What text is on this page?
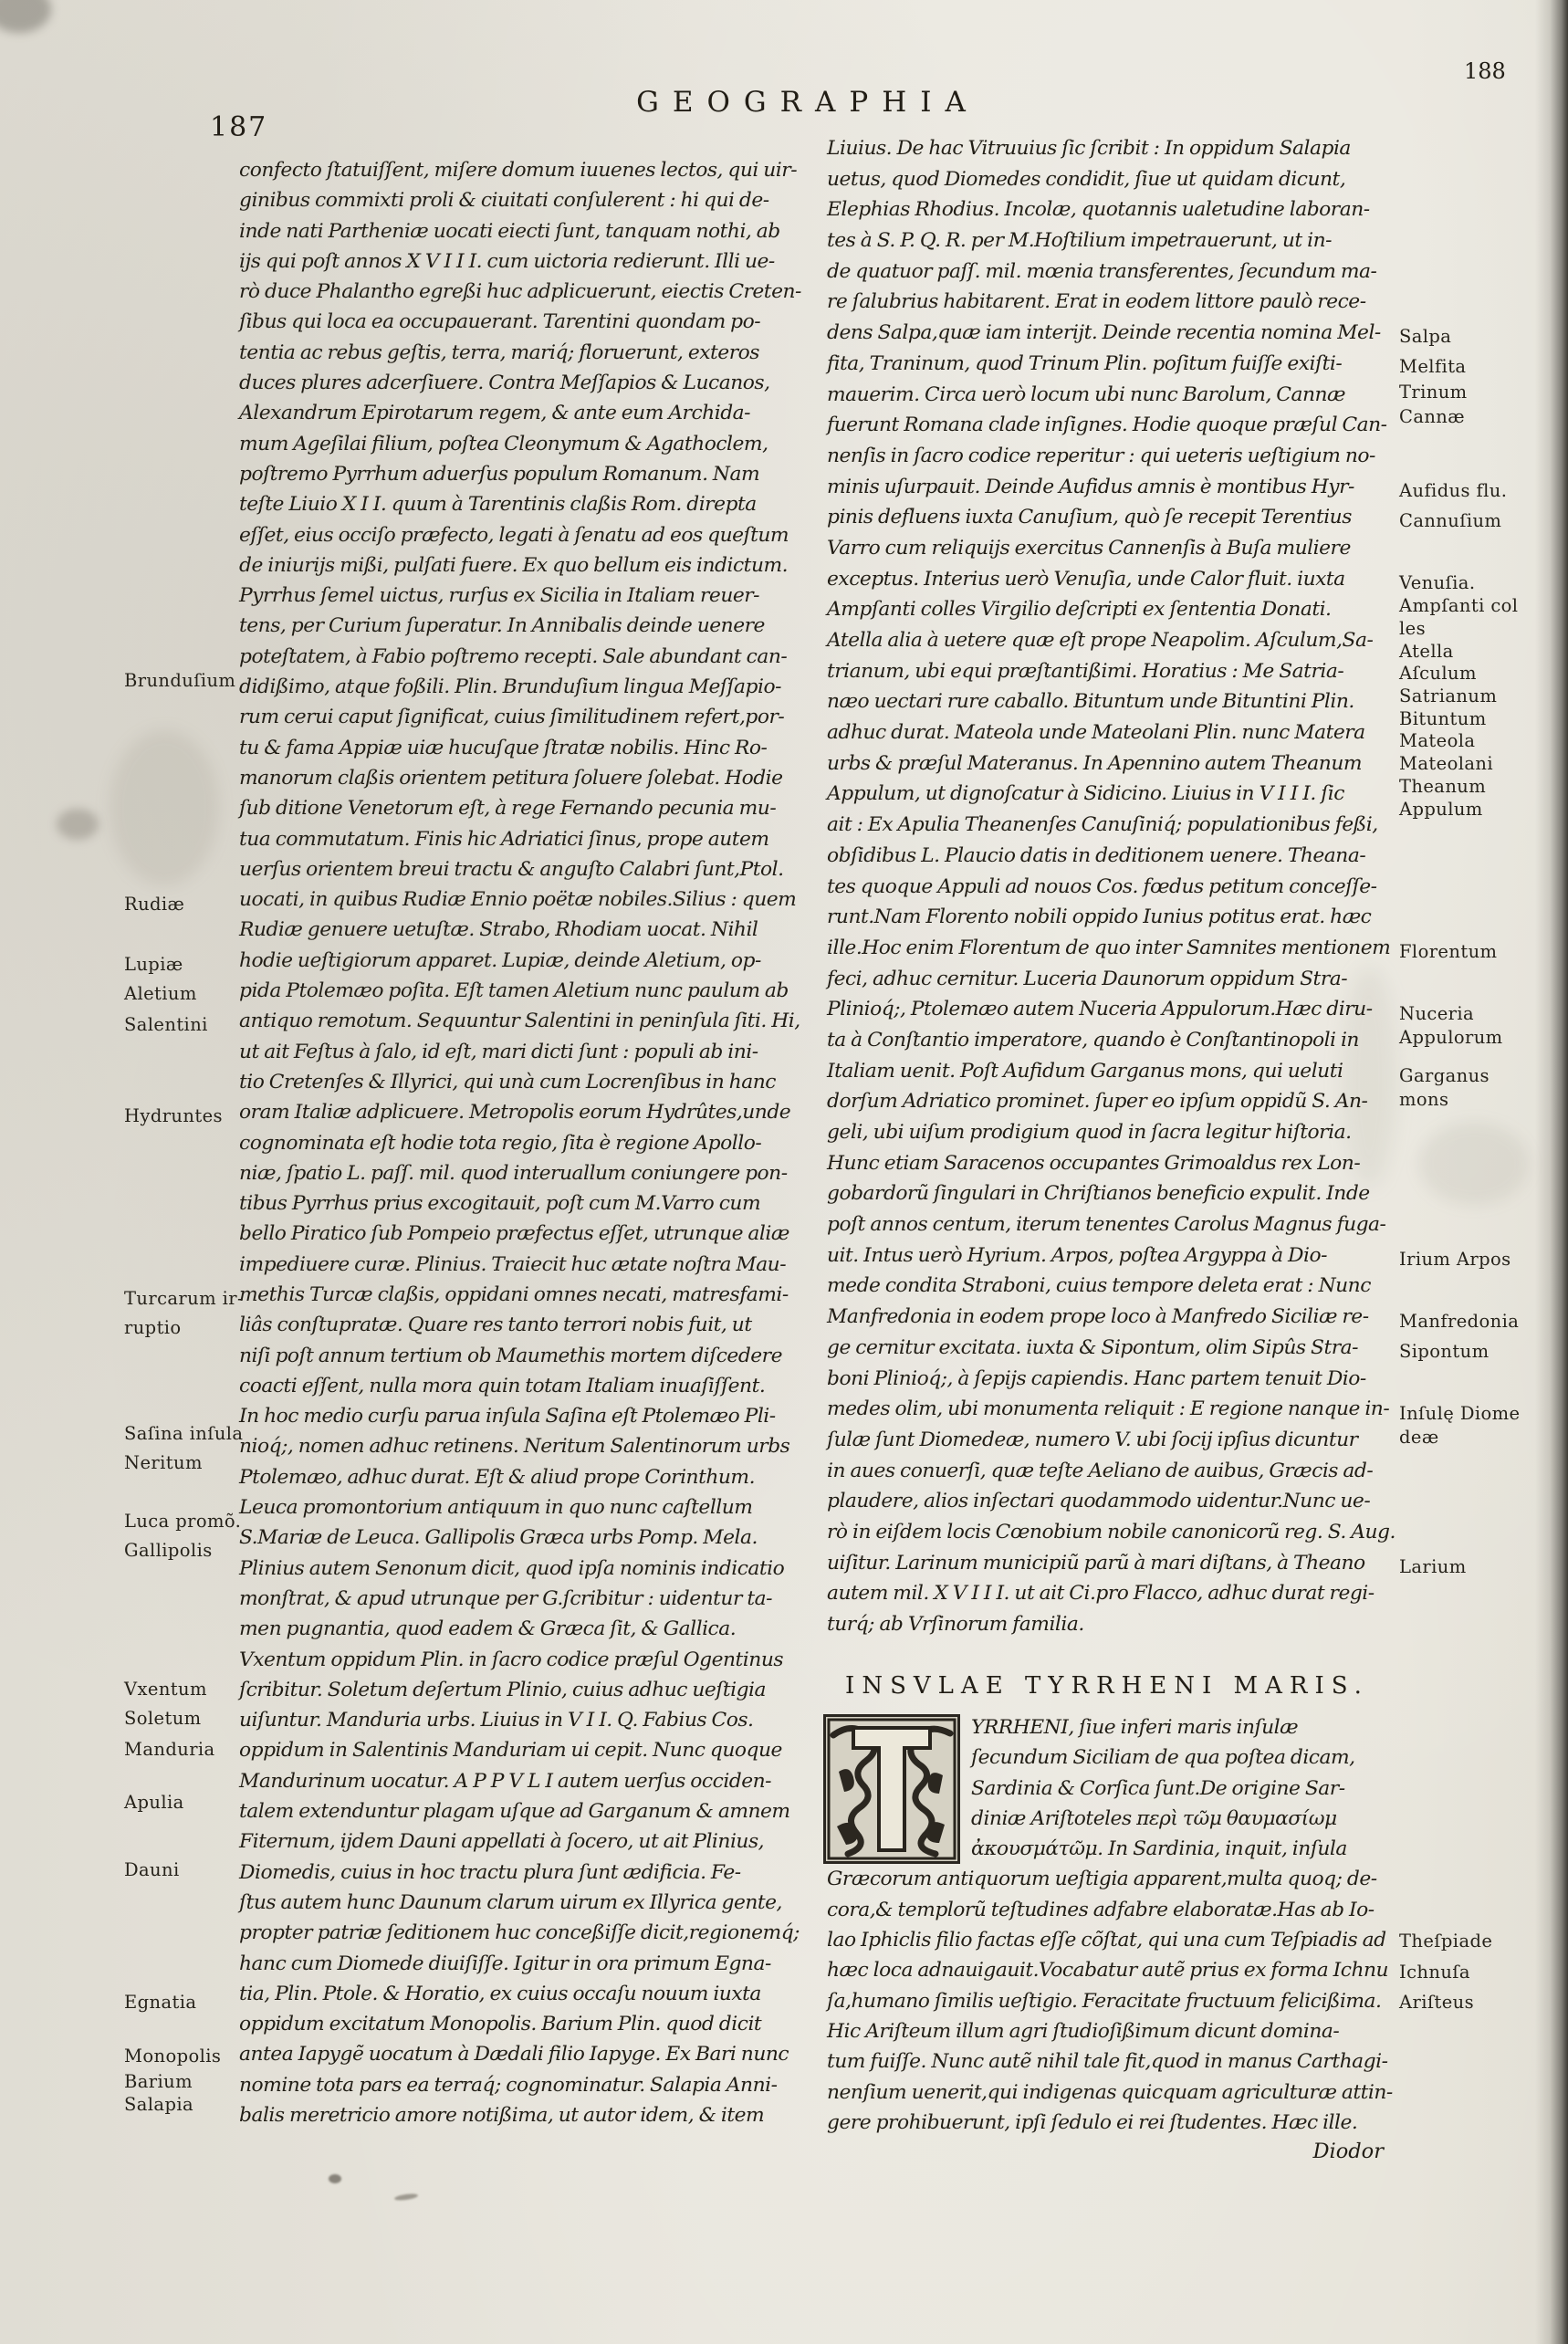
187
GEOGRAPHIA
188
Brunduſium
Rudiæ
Lupiæ
Aletium
Salentini
Hydruntes
Turcarum ir-
ruptio
Saſina inſula
Neritum
Luca promõ.
Gallipolis
Vxentum
Soletum
Manduria
Apulia
Dauni
Egnatia
Monopolis
Barium
Salapia
confecto ſtatuiſſent, miſere domum iuuenes lectos, qui uir-
ginibus commixti proli & ciuitati conſulerent : hi qui de-
inde nati Partheniæ uocati eiecti ſunt, tanquam nothi, ab
ijs qui poſt annos X V I I I. cum uictoria redierunt. Illi ue-
rò duce Phalantho egreßi huc adplicuerunt, eiectis Creten-
ſibus qui loca ea occupauerant. Tarentini quondam po-
tentia ac rebus geſtis, terra, mariq́; floruerunt, exteros
duces plures adcerſiuere. Contra Meſſapios & Lucanos,
Alexandrum Epirotarum regem, & ante eum Archida-
mum Ageſilai filium, poſtea Cleonymum & Agathoclem,
poſtremo Pyrrhum aduerſus populum Romanum. Nam
teſte Liuio X I I. quum à Tarentinis claßis Rom. direpta
eſſet, eius occiſo præfecto, legati à ſenatu ad eos queſtum
de iniurijs mißi, pulſati fuere. Ex quo bellum eis indictum.
Pyrrhus ſemel uictus, rurſus ex Sicilia in Italiam reuer-
tens, per Curium ſuperatur. In Annibalis deinde uenere
poteſtatem, à Fabio poſtremo recepti. Sale abundant can-
didißimo, atque foßili. Plin. Brunduſium lingua Meſſapio-
rum cerui caput ſignificat, cuius ſimilitudinem refert,por-
tu & fama Appiæ uiæ hucuſque ſtratæ nobilis. Hinc Ro-
manorum claßis orientem petitura ſoluere ſolebat. Hodie
ſub ditione Venetorum eſt, à rege Fernando pecunia mu-
tua commutatum. Finis hic Adriatici ſinus, prope autem
uerſus orientem breui tractu & anguſto Calabri ſunt,Ptol.
uocati, in quibus Rudiæ Ennio poëtæ nobiles.Silius : quem
Rudiæ genuere uetuſtæ. Strabo, Rhodiam uocat. Nihil
hodie ueſtigiorum apparet. Lupiæ, deinde Aletium, op-
pida Ptolemæo poſita. Eſt tamen Aletium nunc paulum ab
antiquo remotum. Sequuntur Salentini in peninſula ſiti. Hi,
ut ait Feſtus à ſalo, id eſt, mari dicti ſunt : populi ab ini-
tio Cretenſes & Illyrici, qui unà cum Locrenſibus in hanc
oram Italiæ adplicuere. Metropolis eorum Hydrûtes,unde
cognominata eſt hodie tota regio, ſita è regione Apollo-
niæ, ſpatio L. paſſ. mil. quod interuallum coniungere pon-
tibus Pyrrhus prius excogitauit, poſt cum M.Varro cum
bello Piratico ſub Pompeio præfectus eſſet, utrunque aliæ
impediuere curæ. Plinius. Traiecit huc ætate noſtra Mau-
methis Turcæ claßis, oppidani omnes necati, matresfami-
liâs conſtupratæ. Quare res tanto terrori nobis fuit, ut
niſi poſt annum tertium ob Maumethis mortem diſcedere
coacti eſſent, nulla mora quin totam Italiam inuaſiſſent.
In hoc medio curſu parua inſula Saſina eſt Ptolemæo Pli-
nioq́;, nomen adhuc retinens. Neritum Salentinorum urbs
Ptolemæo, adhuc durat. Eſt & aliud prope Corinthum.
Leuca promontorium antiquum in quo nunc caſtellum
S.Mariæ de Leuca. Gallipolis Græca urbs Pomp. Mela.
Plinius autem Senonum dicit, quod ipſa nominis indicatio
monſtrat, & apud utrunque per G.ſcribitur : uidentur ta-
men pugnantia, quod eadem & Græca ſit, & Gallica.
Vxentum oppidum Plin. in ſacro codice præſul Ogentinus
ſcribitur. Soletum deſertum Plinio, cuius adhuc ueſtigia
uiſuntur. Manduria urbs. Liuius in V I I. Q. Fabius Cos.
oppidum in Salentinis Manduriam ui cepit. Nunc quoque
Mandurinum uocatur. A P P V L I autem uerſus occiden-
talem extenduntur plagam uſque ad Garganum & amnem
Fiternum, ijdem Dauni appellati à ſocero, ut ait Plinius,
Diomedis, cuius in hoc tractu plura ſunt ædificia. Fe-
ſtus autem hunc Daunum clarum uirum ex Illyrica gente,
propter patriæ ſeditionem huc conceßiſſe dicit,regionemq́;
hanc cum Diomede diuiſiſſe. Igitur in ora primum Egna-
tia, Plin. Ptole. & Horatio, ex cuius occaſu nouum iuxta
oppidum excitatum Monopolis. Barium Plin. quod dicit
antea Iapygẽ uocatum à Dædali filio Iapyge. Ex Bari nunc
nomine tota pars ea terraq́; cognominatur. Salapia Anni-
balis meretricio amore notißima, ut autor idem, & item
Liuius. De hac Vitruuius ſic ſcribit : In oppidum Salapia
uetus, quod Diomedes condidit, ſiue ut quidam dicunt,
Elephias Rhodius. Incolæ, quotannis ualetudine laboran-
tes à S. P. Q. R. per M.Hoſtilium impetrauerunt, ut in-
de quatuor paſſ. mil. mœnia transferentes, ſecundum ma-
re ſalubrius habitarent. Erat in eodem littore paulò rece-
dens Salpa,quæ iam interijt. Deinde recentia nomina Mel-
fita, Traninum, quod Trinum Plin. poſitum fuiſſe exiſti-
mauerim. Circa uerò locum ubi nunc Barolum, Cannæ
fuerunt Romana clade inſignes. Hodie quoque præſul Can-
nenſis in ſacro codice reperitur : qui ueteris ueſtigium no-
minis uſurpauit. Deinde Aufidus amnis è montibus Hyr-
pinis defluens iuxta Canuſium, quò ſe recepit Terentius
Varro cum reliquijs exercitus Cannenſis à Buſa muliere
exceptus. Interius uerò Venuſia, unde Calor fluit. iuxta
Ampſanti colles Virgilio deſcripti ex ſententia Donati.
Atella alia à uetere quæ eſt prope Neapolim. Aſculum,Sa-
trianum, ubi equi præſtantißimi. Horatius : Me Satria-
næo uectari rure caballo. Bituntum unde Bituntini Plin.
adhuc durat. Mateola unde Mateolani Plin. nunc Matera
urbs & præſul Materanus. In Apennino autem Theanum
Appulum, ut dignoſcatur à Sidicino. Liuius in V I I I. ſic
ait : Ex Apulia Theanenſes Canuſiniq́; populationibus feßi,
obſidibus L. Plaucio datis in deditionem uenere. Theana-
tes quoque Appuli ad nouos Cos. fœdus petitum conceſſe-
runt.Nam Florento nobili oppido Iunius potitus erat. hæc
ille.Hoc enim Florentum de quo inter Samnites mentionem
feci, adhuc cernitur. Luceria Daunorum oppidum Stra-
Plinioq́;, Ptolemæo autem Nuceria Appulorum.Hæc diru-
ta à Conſtantio imperatore, quando è Conſtantinopoli in
Italiam uenit. Poſt Aufidum Garganus mons, qui ueluti
dorſum Adriatico prominet. ſuper eo ipſum oppidũ S. An-
geli, ubi uiſum prodigium quod in ſacra legitur hiſtoria.
Hunc etiam Saracenos occupantes Grimoaldus rex Lon-
gobardorũ ſingulari in Chriſtianos beneficio expulit. Inde
poſt annos centum, iterum tenentes Carolus Magnus fuga-
uit. Intus uerò Hyrium. Arpos, poſtea Argyppa à Dio-
mede condita Straboni, cuius tempore deleta erat : Nunc
Manfredonia in eodem prope loco à Manfredo Siciliæ re-
ge cernitur excitata. iuxta & Sipontum, olim Sipûs Stra-
boni Plinioq́;, à ſepijs capiendis. Hanc partem tenuit Dio-
medes olim, ubi monumenta reliquit : E regione nanque in-
ſulæ ſunt Diomedeæ, numero V. ubi ſocij ipſius dicuntur
in aues conuerſi, quæ teſte Aeliano de auibus, Græcis ad-
plaudere, alios inſectari quodammodo uidentur.Nunc ue-
rò in eiſdem locis Cœnobium nobile canonicorũ reg. S. Aug.
uiſitur. Larinum municipiũ parũ à mari diſtans, à Theano
autem mil. X V I I I. ut ait Ci.pro Flacco, adhuc durat regi-
turq́; ab Vrſinorum familia.
Salpa
Melfita
Trinum
Cannæ
Aufidus flu.
Cannuſium
Venuſia.
Ampſanti col
les
Atella
Aſculum
Satrianum
Bituntum
Mateola
Mateolani
Theanum
Appulum
Florentum
Nuceria
Appulorum
Garganus
mons
Irium Arpos
Manfredonia
Sipontum
Inſulę Diome
deæ
Larium
Theſpiade
Ichnuſa
Ariſteus
INSVLAE TYRRHENI MARIS.
YRRHENI, ſiue inferi maris inſulæ
ſecundum Siciliam de qua poſtea dicam,
Sardinia & Corſica ſunt.De origine Sar-
diniæ Ariſtoteles περὶ τῶμ θαυμασίωμ
ἀκουσμάτῶμ. In Sardinia, inquit, inſula
Græcorum antiquorum ueſtigia apparent,multa quoq; de-
cora,& templorũ teſtudines adfabre elaboratæ.Has ab Io-
lao Iphiclis filio factas eſſe cõſtat, qui una cum Teſpiadis ad
hæc loca adnauigauit.Vocabatur autẽ prius ex forma Ichnu
ſa,humano ſimilis ueſtigio. Feracitate fructuum felicißima.
Hic Ariſteum illum agri ſtudioſißimum dicunt domina-
tum fuiſſe. Nunc autẽ nihil tale fit,quod in manus Carthagi-
nenſium uenerit,qui indigenas quicquam agriculturæ attin-
gere prohibuerunt, ipſi ſedulo ei rei ſtudentes. Hæc ille.
Diodor
